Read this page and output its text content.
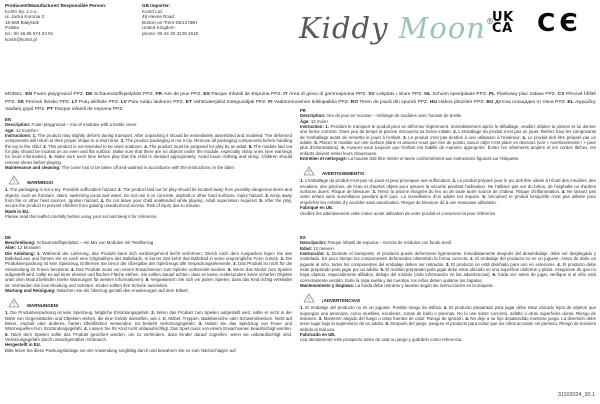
Producent/Manufacturer/ Responsible Person:
Kontri Sp. z o.o.
ul. Jacka Kuronia 3
15-569 Białystok
Polska
tel.: 00 48 85 674 34 91
kontri@kontri.pl
GB importer:
Kontri Ltd.
49 Hevea Road
Burton-on-Trent DE13 0BH
United Kingdom
phone: 00 44 20 3129 1615	Kiddy Moon®
UK
CA CЄ

MODEL: EN Foam playground PPZ. DE Schaumstoffspielplatz PPZ. FR Aire de jeux PPZ. ES Parque Infantil de Espuma PPZ. IT Area di gioco di gommapiuma PPZ. SV Lekplats i skum PPZ. NL Schuim speelplaats PPZ. PL Piankowy plac zabaw PPZ. CS Pěnové hřiště PPZ. SK Penové ihrisko PPZ. LT Putų aikštelė PPZ. LV Putu rotaļu laukums PPZ. ET Vahtmaterjalist mänguväljak PPZ. FI Vaahtomuovinen leikkipaikka PPZ. RO Teren de joacă din spumă PPZ. HU Habos játszótér PPZ. BG Детска площадка от пяна PPZ. EL Αφρώδης παιδική χαρά PPZ. PT Parque infantil de espuma PPZ.

EN

Description: Foam playground – mix of modules with a textile cover.

Age: 12 months+

Instructions: 1. The product may slightly deform during transport. After unpacking it should be immediately assembled and modeled. The deformed components will return to their proper shape in a short time. 2. The product packaging is not a toy. Remove all packaging components before handing the toy to the child. 3. This product is not intended to be used outdoors. 4. The product must be prepared for play by an adult. 5. The module laid out for play should be located on an even and flat surface. Make sure that there are no objects under the module, especially sharp ones (see warnings for more information). 6. Make sure each time before play that the child is dressed appropriately. Avoid loose clothing and string. Children should remove shoes before playing.

Maintenance and cleaning: The cover has to be taken off and washed in accordance with the instructions on the label.

WARNINGS!

1. The packaging is not a toy. Possible suffocation hazard. 2. The product laid out for play should be located away from possibly dangerous items and objects, such as furniture, stairs, swimming pools and water. Do not use it on concrete, asphalt or other hard surfaces. Injury hazard. 3. Keep away from fire or other heat sources. Ignition hazard. 4. Do not leave your child unattended while playing. Adult supervision required. 5. After the play, secure the product to prevent children from gaining unauthorized access. Risk of injury due to misuse.

Made in EU.

Please read this leaflet carefully before using your set and keep it for reference.

DE

Beschreibung: Schaumstoffspielplatz – ein Mix von Modulen mit Textilbezug

Alter: 12 Monaten

Die Anleitung: 1. Während der Lieferung, das Produkt kann sich vorübergehend leicht verformen. Gleich nach dem Auspacken legen Sie das Ballebad aus und formen Sie es nach eine Originalform des Ballebads. In kurzer Zeit kehrt das Ballebad in seine ursprüngliche Form zurück. 2. Die Produktverpackung ist kein Spielzeug. Entfernen Sie bevor der Übergabe des Spielzeugs alle Verpackungselemente. 3. Das Produkt ist nicht für die Verwendung im Freien bestimmt. 4. Das Produkt muss von einem Erwachsenen zum Spielen vorbereitet werden. 5. Wenn das Modul zum Spielen aufgestellt wird, sollte es auf einer ebenen und flachen Fläche stehen. Sie sollten darauf achten, dass es keine, insbesondere keine scharfen Objekte unter dem Modul befinden (siehe Warnungen für weitere Informationen). 6. Vergewissern Sie sich vor jedem Spielen, dass das Kind richtig verkleidet ist. Vermeiden Sie lose Kleidung und Schnüre. Kinder sollten ihre Schuhe ausziehen.

Wartung und Reinigung: Waschen Sie der Überzug gemäß den Anweisungen auf dem Etikett.

WARNUNGEN!

1. Die Produktverpackung ist kein Spielzeug. Mögliche Erstickungsgefahr. 2. Wenn das Produkt zum Spielen aufgestellt wird, sollte er nicht in der Nähe von Gegenständen und Objekten stehen, die eine Gefahr darstellen, wie z. B. Möbel, Treppen, Badebereiche oder Schwimmbecken. Nicht auf Beton, Asphalt oder anderes, harten Oberflächen verwenden. Es besteht Verletzungsgefahr. 3. Halten Sie das Spielzeug von Feuer und Wärmequellen fern. Entzündungsgefahr. 4. Lassen Sie Ihr Kind nicht unbeaufsichtigt. Das Spiel muss von einem Erwachsenen beaufsichtigt werden. 5. Nach dem Spielen sollte das Produkt gesichert werden, um zu verhindern, dass Kinder darauf zugreifen, wenn sie unbeaufsichtigt sind. Verletzungsgefahr durch unsachgemäßen Gebrauch.

Hergestellt in EU.

Bitte lesen Sie diese Packungsbeilage vor der Anwendung sorgfältig durch und bewahren Sie es zum Nachschlagen auf.

FR

Description: Aire de jeux en mousse – mélange de modules avec housse de textile.

Âge: 12 mois+

Instruction: 1. Pendant le transport le produit peut se déformer légèrement. Immédiatement après le déballage, veuillez déplier la piscine et lui donner une forme correcte. Dans peu de temps la piscine retrouvera sa forme initiale. 2. L'emballage du produit n'est pas un jouet. Retirez tous les composants de l'emballage avant de remettre le jouet à l'enfant. 3. Le produit n'est pas destiné à une utilisation à l'extérieur. 4. Le produit doit être préparé par un adulte. 5. Placez le module sur une surface plane et assurez-vous que rien de pointu, aucun objet n'est placé en dessous (voir « Avertissements ! » pour plus d'informations). 6. Assurez-vous toujours que l'enfant est habillé de manière appropriée. Évitez les vêtements amples et les cordes lâches, les enfants doivent retirer leurs chaussures.

Entretien et nettoyage: La housse doit être retirée et lavée conformément aux instructions figurant sur l'étiquette.

AVERTISSEMENTS!

1. L'emballage du produit n'est pas un jouet et peut provoquer une suffocation. 2. Le produit préparé pour le jeu doit être située à l'écart des meubles, des escaliers, des piscines, de l'eau et d'autres objets pour assurer la sécurité pendant l'utilisation. Ne l'utilisez pas sur du béton, de l'asphalte ou d'autres surfaces dures. Risque de blessure. 3. Tenez la piscine éloignée du feu ou de toute autre source de chaleur. Risque d'inflammation. 4. Ne laissez pas votre enfant sans surveillance pendant qu'il joue. La surveillance d'un adulte est requise. 5. Sécurisez le produit lorsqu'elle n'est pas utilisée pour empêcher les enfants d'y accéder sans autorisation. Risque de blessure dû à une mauvaise utilisation.

Fabriqué en UE.

Veuillez lire attentivement cette notice avant utilisation de votre produit et conservez-la pour référence.

ES

Descripción: Parque infantil de espuma – mezcla de módulos con funda textil.

Edad: 12 meses+

Instrucción: 1. Durante el transporte, el producto puede deformarse ligeramente. Inmediatamente después del desembalaje, debe ser desplegado y modelado. En poco tiempo los componentes deformados obtendrán la forma correcta. 2. El embalaje del producto no es un juguete. Antes de darle un juguete al niño, todos los componentes del embalaje deben ser retirados. 3. El producto no está diseñado para uso en exteriores. 4. El producto debe estar preparado para jugar por un adulto. 5. El módulo preparado para jugar debe estar ubicado en una superficie uniforme y plana. Asegúrese de que no haya objetos, especialmente afilados, debajo del módulo (más información en las advertencias). 6. Cada vez antes de jugar, verifique si el niño está correctamente vestido. Evite la ropa suelta y las cuerdas, los niños deben quitarse los zapatos.

Mantenimiento y limpieza: La funda debe retirarse y lavarse según las instrucciones en la etiqueta.

¡ADVERTENCIAS!

1. El embalaje del producto no es un juguete. Posible riesgo de asfixia. 2. El producto preparado para jugar debe estar ubicado lejos de objetos que supongan una amenaza, como muebles, escaleras, zonas de baño o piscinas. No lo use sobre concreto, asfalto u otras superficies duras. Riesgo de lesiones. 3. Mantener alejado del fuego u otras fuentes de calor. Riesgo de ignición. 4. No deje a su hijo desatendido mientras juega. La diversión debe tener lugar bajo la supervisión de un adulto. 5. Después del juego, asegure el producto para evitar que los niños accedan sin permiso. Riesgo de lesiones debido al mal uso.

Fabricado en UE.

Lea atentamente este prospecto antes de usar su juego y guárdelo como referencia.

31102024_30.1
